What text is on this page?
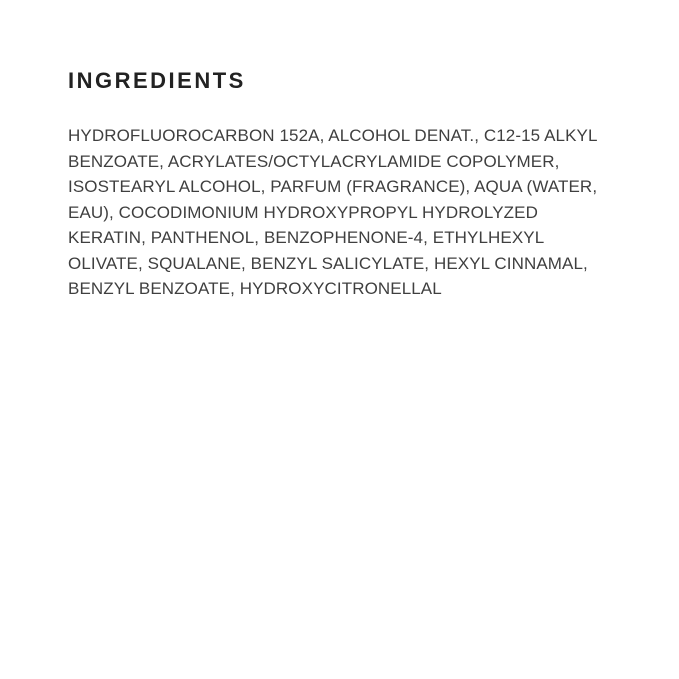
INGREDIENTS

HYDROFLUOROCARBON 152A, ALCOHOL DENAT., C12-15 ALKYL BENZOATE, ACRYLATES/OCTYLACRYLAMIDE COPOLYMER, ISOSTEARYL ALCOHOL, PARFUM (FRAGRANCE), AQUA (WATER, EAU), COCODIMONIUM HYDROXYPROPYL HYDROLYZED KERATIN, PANTHENOL, BENZOPHENONE-4, ETHYLHEXYL OLIVATE, SQUALANE, BENZYL SALICYLATE, HEXYL CINNAMAL, BENZYL BENZOATE, HYDROXYCITRONELLAL
